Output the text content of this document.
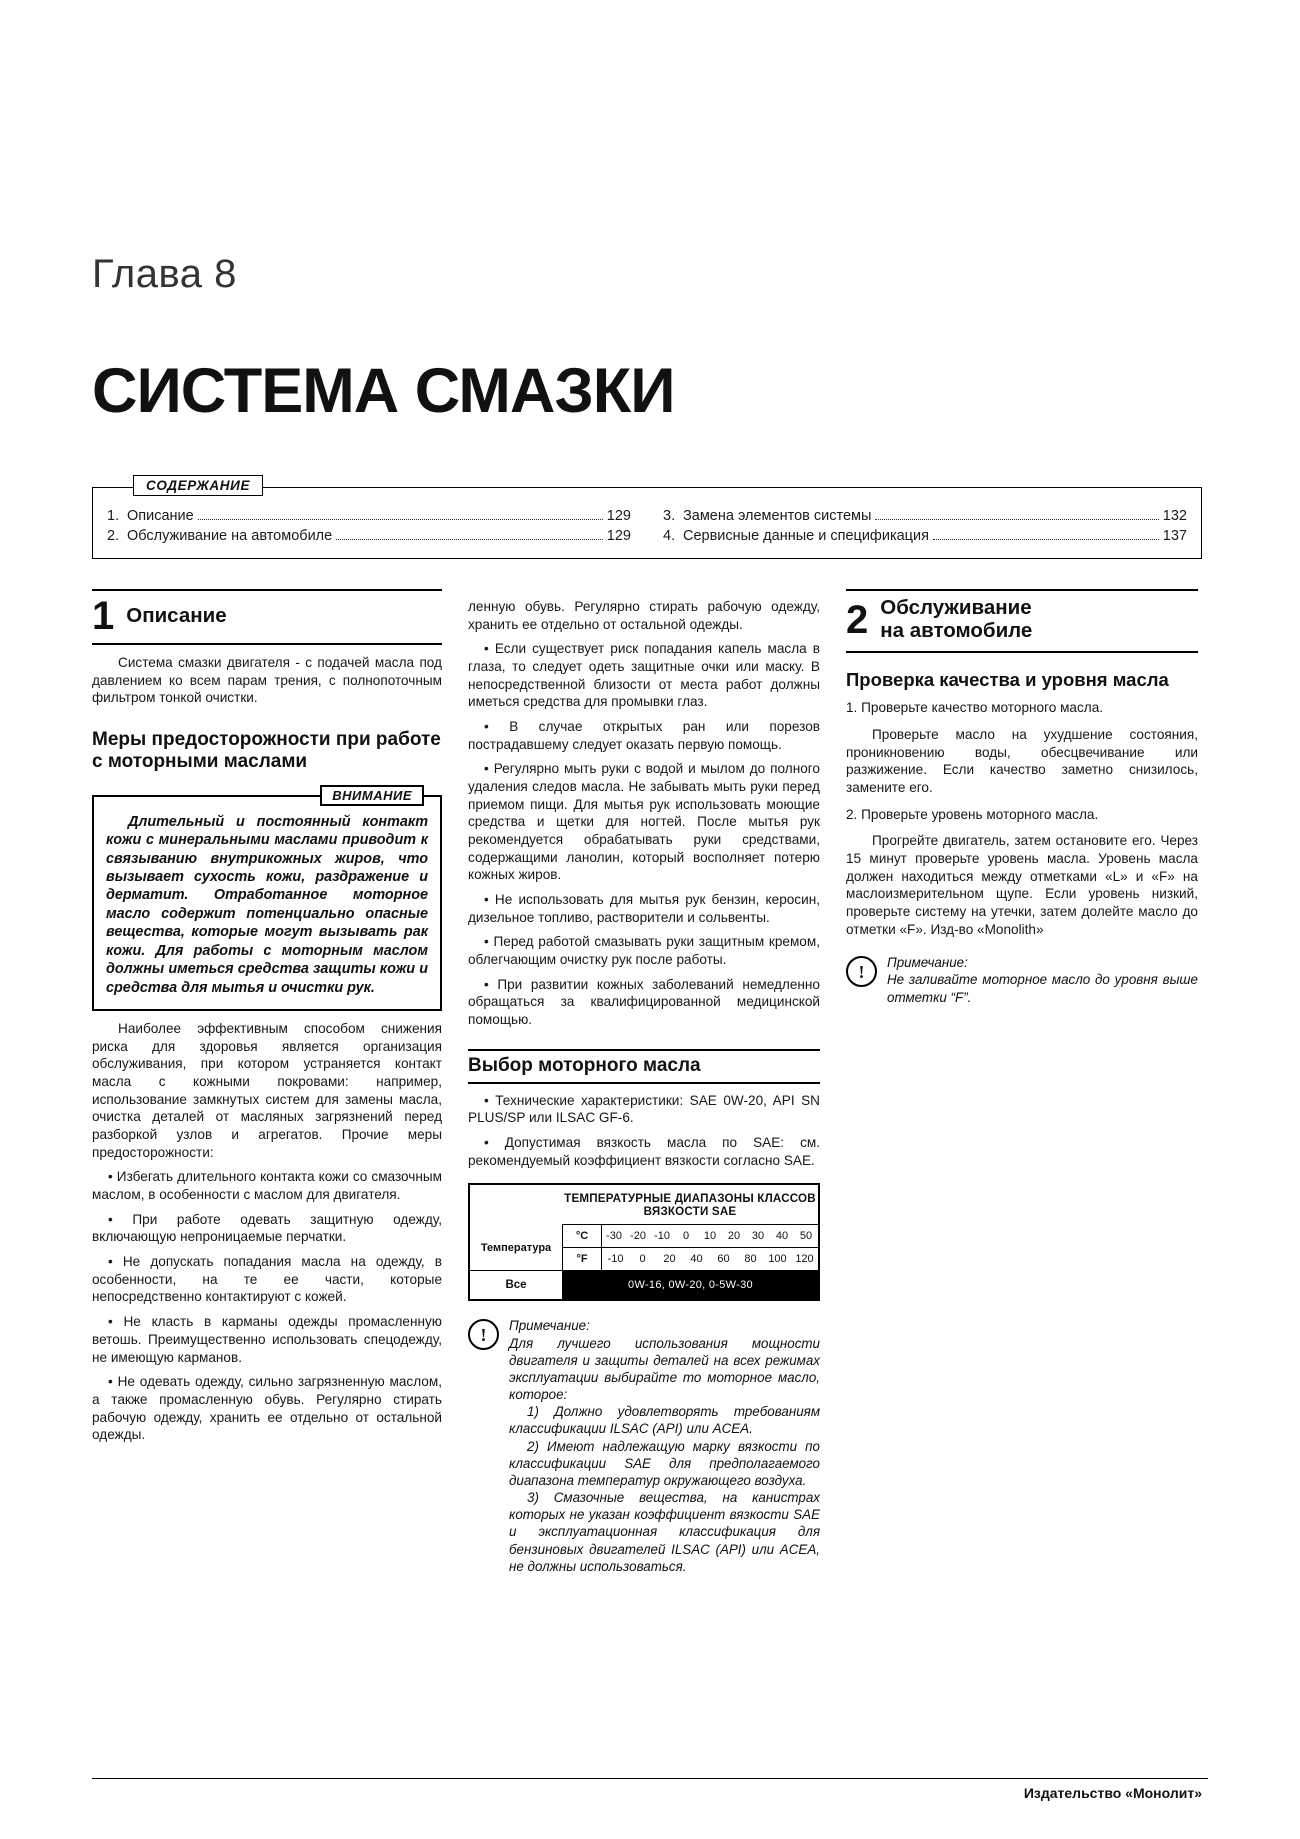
Глава 8
СИСТЕМА СМАЗКИ
СОДЕРЖАНИЕ
1. Описание	129
2. Обслуживание на автомобиле	129
3. Замена элементов системы	132
4. Сервисные данные и спецификация	137
1 Описание

Система смазки двигателя - с подачей масла под давлением ко всем парам трения, с полнопоточным фильтром тонкой очистки.

Меры предосторожности при работе с моторными маслами
ВНИМАНИЕ

Длительный и постоянный контакт кожи с минеральными маслами приводит к связыванию внутрикожных жиров, что вызывает сухость кожи, раздражение и дерматит. Отработанное моторное масло содержит потенциально опасные вещества, которые могут вызывать рак кожи. Для работы с моторным маслом должны иметься средства защиты кожи и средства для мытья и очистки рук.

Наиболее эффективным способом снижения риска для здоровья является организация обслуживания, при котором устраняется контакт масла с кожными покровами: например, использование замкнутых систем для замены масла, очистка деталей от масляных загрязнений перед разборкой узлов и агрегатов. Прочие меры предосторожности:

• Избегать длительного контакта кожи со смазочным маслом, в особенности с маслом для двигателя.

• При работе одевать защитную одежду, включающую непроницаемые перчатки.

• Не допускать попадания масла на одежду, в особенности, на те ее части, которые непосредственно контактируют с кожей.

• Не класть в карманы одежды промасленную ветошь. Преимущественно использовать спецодежду, не имеющую карманов.

• Не одевать одежду, сильно загрязненную маслом, а также промасленную обувь. Регулярно стирать рабочую одежду, хранить ее отдельно от остальной одежды.

ленную обувь. Регулярно стирать рабочую одежду, хранить ее отдельно от остальной одежды.

• Если существует риск попадания капель масла в глаза, то следует одеть защитные очки или маску. В непосредственной близости от места работ должны иметься средства для промывки глаз.

• В случае открытых ран или порезов пострадавшему следует оказать первую помощь.

• Регулярно мыть руки с водой и мылом до полного удаления следов масла. Не забывать мыть руки перед приемом пищи. Для мытья рук использовать моющие средства и щетки для ногтей. После мытья рук рекомендуется обрабатывать руки средствами, содержащими ланолин, который восполняет потерю кожных жиров.

• Не использовать для мытья рук бензин, керосин, дизельное топливо, растворители и сольвенты.

• Перед работой смазывать руки защитным кремом, облегчающим очистку рук после работы.

• При развитии кожных заболеваний немедленно обращаться за квалифицированной медицинской помощью.

Выбор моторного масла

• Технические характеристики: SAE 0W-20, API SN PLUS/SP или ILSAC GF-6.

• Допустимая вязкость масла по SAE: см. рекомендуемый коэффициент вязкости согласно SAE.

ТЕМПЕРАТУРНЫЕ ДИАПАЗОНЫ КЛАССОВ ВЯЗКОСТИ SAE
Температура
°C	-30 -20 -10	0	10	20	30	40	50
°F	-10	0	20	40	60	80	100 120
Все	0W-16, 0W-20, 0-5W-30
!	Примечание:

Для лучшего использования мощности двигателя и защиты деталей на всех режимах эксплуатации выбирайте то моторное масло, которое:

1) Должно удовлетворять требованиям классификации ILSAC (API) или ACEA.

2) Имеют надлежащую марку вязкости по классификации SAE для предполагаемого диапазона температур окружающего воздуха.

3) Смазочные вещества, на канистрах которых не указан коэффициент вязкости SAE и эксплуатационная классификация для бензиновых двигателей ILSAC (API) или ACEA, не должны использоваться.

2 Обслуживание
на автомобиле
Проверка качества и уровня масла

1. Проверьте качество моторного масла.

Проверьте масло на ухудшение состояния, проникновению воды, обесцвечивание или разжижение. Если качество заметно снизилось, замените его.

2. Проверьте уровень моторного масла.

Прогрейте двигатель, затем остановите его. Через 15 минут проверьте уровень масла. Уровень масла должен находиться между отметками «L» и «F» на маслоизмерительном щупе. Если уровень низкий, проверьте систему на утечки, затем долейте масло до отметки «F». Изд-во «Monolith»

!	Примечание:

Не заливайте моторное масло до уровня выше отметки “F”.

Издательство «Монолит»
